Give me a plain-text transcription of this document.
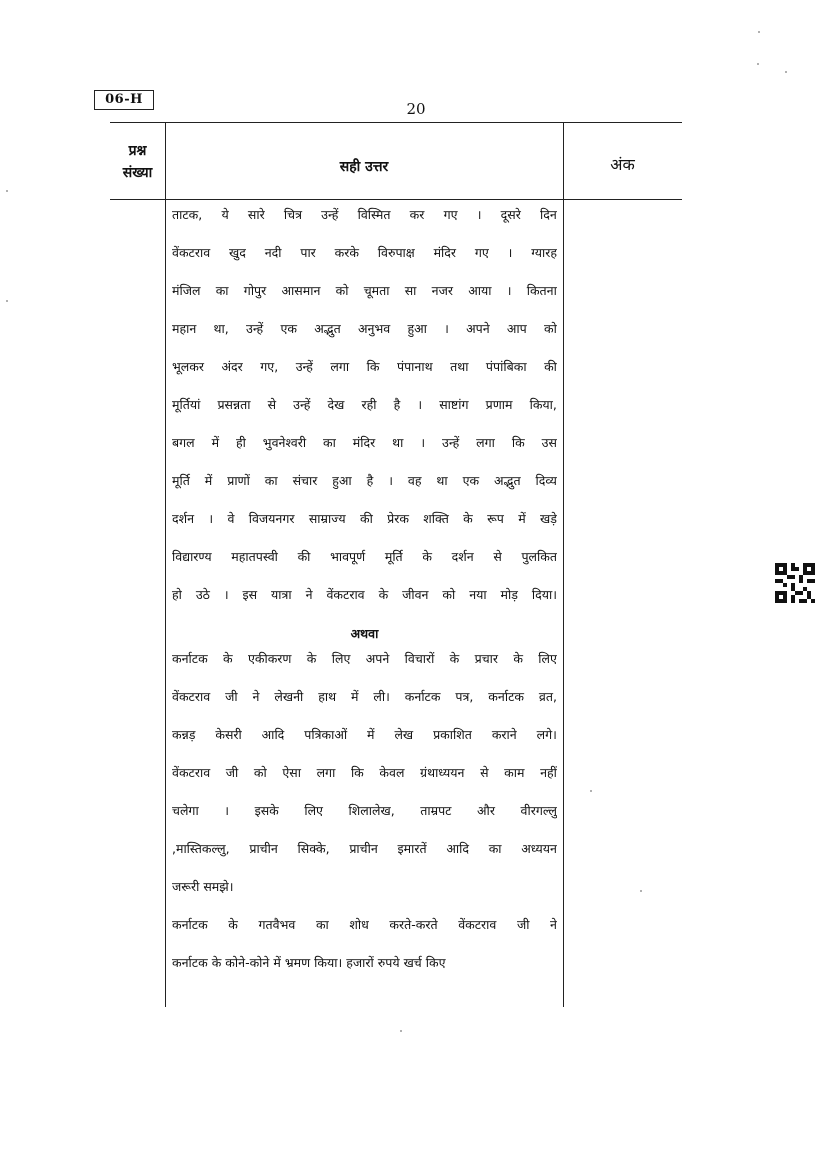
06-H
20
प्रश्न
संख्या	सही उत्तर	अंक
ताटक, ये सारे चित्र उन्हें विस्मित कर गए । दूसरे दिन
वेंकटराव खुद नदी पार करके विरुपाक्ष मंदिर गए । ग्यारह
मंजिल का गोपुर आसमान को चूमता सा नजर आया । कितना
महान था, उन्हें एक अद्भुत अनुभव हुआ । अपने आप को
भूलकर अंदर गए, उन्हें लगा कि पंपानाथ तथा पंपांबिका की
मूर्तियां प्रसन्नता से उन्हें देख रही है । साष्टांग प्रणाम किया,
बगल में ही भुवनेश्वरी का मंदिर था । उन्हें लगा कि उस
मूर्ति में प्राणों का संचार हुआ है । वह था एक अद्भुत दिव्य
दर्शन । वे विजयनगर साम्राज्य की प्रेरक शक्ति के रूप में खड़े
विद्यारण्य महातपस्वी की भावपूर्ण मूर्ति के दर्शन से पुलकित
हो उठे । इस यात्रा ने वेंकटराव के जीवन को नया मोड़ दिया।
अथवा
कर्नाटक के एकीकरण के लिए अपने विचारों के प्रचार के लिए
वेंकटराव जी ने लेखनी हाथ में ली। कर्नाटक पत्र, कर्नाटक व्रत,
कन्नड़ केसरी आदि पत्रिकाओं में लेख प्रकाशित कराने लगे।
वेंकटराव जी को ऐसा लगा कि केवल ग्रंथाध्ययन से काम नहीं
चलेगा । इसके लिए शिलालेख, ताम्रपट और वीरगल्लु
,मास्तिकल्लु, प्राचीन सिक्के, प्राचीन इमारतें आदि का अध्ययन
जरूरी समझे।
कर्नाटक के गतवैभव का शोध करते-करते वेंकटराव जी ने
कर्नाटक के कोने-कोने में भ्रमण किया। हजारों रुपये खर्च किए
